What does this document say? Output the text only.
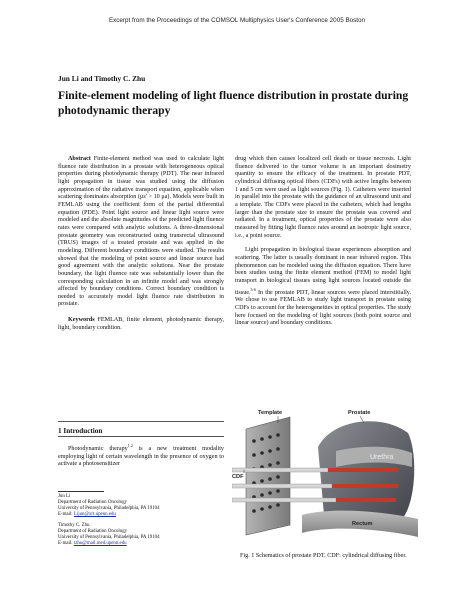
Excerpt from the Proceedings of the COMSOL Multiphysics User's Conference 2005 Boston
Jun Li and Timothy C. Zhu
Finite-element modeling of light fluence distribution in prostate during photodynamic therapy

Abstract Finite-element method was used to calculate light fluence rate distribution in a prostate with heterogeneous optical properties during photodynamic therapy (PDT). The near infrared light propagation in tissue was studied using the diffusion approximation of the radiative transport equation, applicable when scattering dominates absorption (μs' > 10 μa). Models were built in FEMLAB using the coefficient form of the partial differential equation (PDE). Point light source and linear light source were modeled and the absolute magnitudes of the predicted light fluence rates were compared with analytic solutions. A three-dimensional prostate geometry was reconstructed using transrectal ultrasound (TRUS) images of a treated prostate and was applied in the modeling. Different boundary conditions were studied. The results showed that the modeling of point source and linear source had good agreement with the analytic solutions. Near the prostate boundary, the light fluence rate was substantially lower than the corresponding calculation in an infinite model and was strongly affected by boundary conditions. Correct boundary condition is needed to accurately model light fluence rate distribution in prostate.

Keywords FEMLAB, finite element, photodynamic therapy, light, boundary condition.

1 Introduction

Photodynamic therapy$^{1,2}$ is a new treatment modality employing light of certain wavelength in the presence of oxygen to activate a photosensitizer

Jun Li
Department of Radiation Oncology
University of Pennsylvania, Philadelphia, PA 19104
E-mail: Lijun@xrt.upenn.edu
Timothy C. Zhu
Department of Radiation Oncology
University of Pennsylvania, Philadelphia, PA 19104
E-mail: tzhu@mail.med.upenn.edu

drug which then causes localized cell death or tissue necrosis. Light fluence delivered to the tumor volume is an important dosimetry quantity to ensure the efficacy of the treatment. In prostate PDT, cylindrical diffusing optical fibers (CDFs) with active lengths between 1 and 5 cm were used as light sources (Fig. 1). Catheters were inserted in parallel into the prostate with the guidance of an ultrasound unit and a template. The CDFs were placed in the catheters, which had lengths larger than the prostate size to ensure the prostate was covered and radiated. In a treatment, optical properties of the prostate were also measured by fitting light fluence rates around an isotropic light source, i.e., a point source.

Light propagation in biological tissue experiences absorption and scattering. The latter is usually dominant in near infrared region. This phenomenon can be modeled using the diffusion equation. There have been studies using the finite element method (FEM) to model light transport in biological tissues using light sources located outside the tissue.$^{3-6}$ In the prostate PDT, linear sources were placed interstitially. We chose to use FEMLAB to study light transport in prostate using CDFs to account for the heterogeneities in optical properties. The study here focused on the modeling of light sources (both point source and linear source) and boundary conditions.

Template	Prostate
Urethra
CDF
Rectum

Fig. 1 Schematics of prostate PDT. CDF: cylindrical diffusing fiber.
